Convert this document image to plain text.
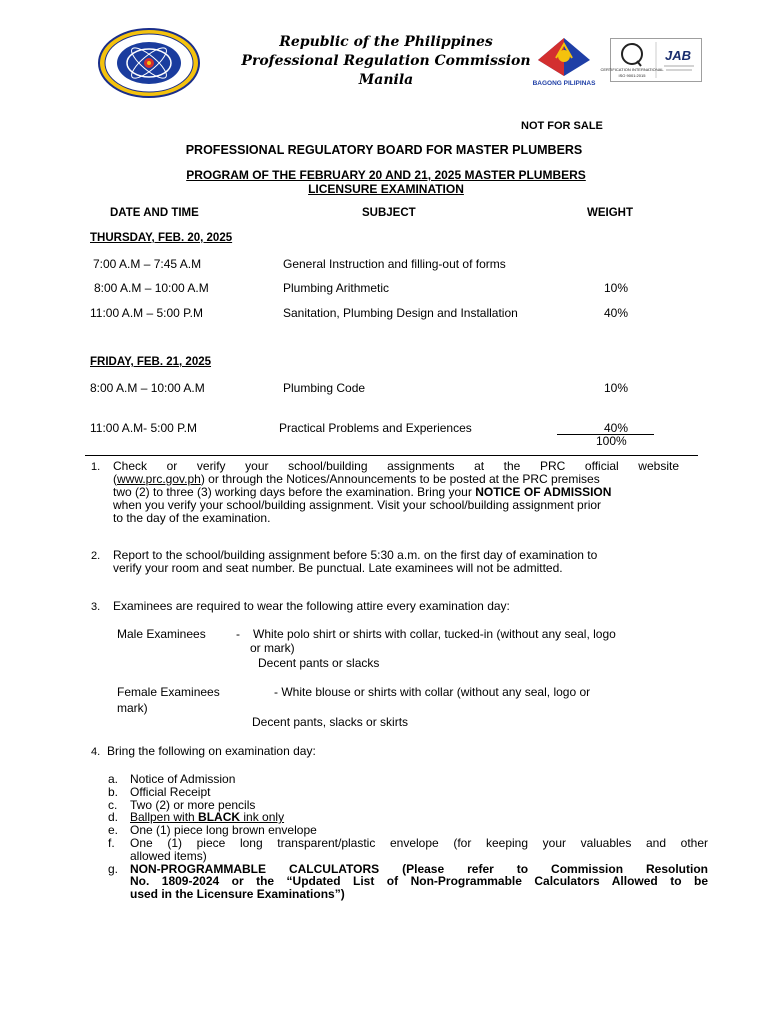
Republic of the Philippines
Professional Regulation Commission
Manila	BAGONG PILIPINAS
CERTIFICATION INTERNATIONAL
ISO 9001:2015
JAB
NOT FOR SALE
PROFESSIONAL REGULATORY BOARD FOR MASTER PLUMBERS
PROGRAM OF THE FEBRUARY 20 AND 21, 2025 MASTER PLUMBERS
LICENSURE EXAMINATION
DATE AND TIME	SUBJECT	WEIGHT
THURSDAY, FEB. 20, 2025
7:00 A.M – 7:45 A.M	General Instruction and filling-out of forms
8:00 A.M – 10:00 A.M	Plumbing Arithmetic	10%
11:00 A.M – 5:00 P.M	Sanitation, Plumbing Design and Installation	40%
FRIDAY, FEB. 21, 2025
8:00 A.M – 10:00 A.M	Plumbing Code	10%
11:00 A.M- 5:00 P.M	Practical Problems and Experiences	40%
100%
1. Check or verify your school/building assignments at the PRC official website
(www.prc.gov.ph) or through the Notices/Announcements to be posted at the PRC premises
two (2) to three (3) working days before the examination. Bring your NOTICE OF ADMISSION
when you verify your school/building assignment. Visit your school/building assignment prior
to the day of the examination.
2. Report to the school/building assignment before 5:30 a.m. on the first day of examination to
verify your room and seat number. Be punctual. Late examinees will not be admitted.
3. Examinees are required to wear the following attire every examination day:
Male Examinees	- White polo shirt or shirts with collar, tucked-in (without any seal, logo
or mark)
Decent pants or slacks
Female Examinees	- White blouse or shirts with collar (without any seal, logo or
mark)
Decent pants, slacks or skirts
4. Bring the following on examination day:
a. Notice of Admission
b. Official Receipt
c.	Two (2) or more pencils
d. Ballpen with BLACK ink only
e. One (1) piece long brown envelope
f.	One (1) piece long transparent/plastic envelope (for keeping your valuables and other
allowed items)
g. NON-PROGRAMMABLE CALCULATORS (Please refer to Commission Resolution
No. 1809-2024 or the “Updated List of Non-Programmable Calculators Allowed to be
used in the Licensure Examinations”)
